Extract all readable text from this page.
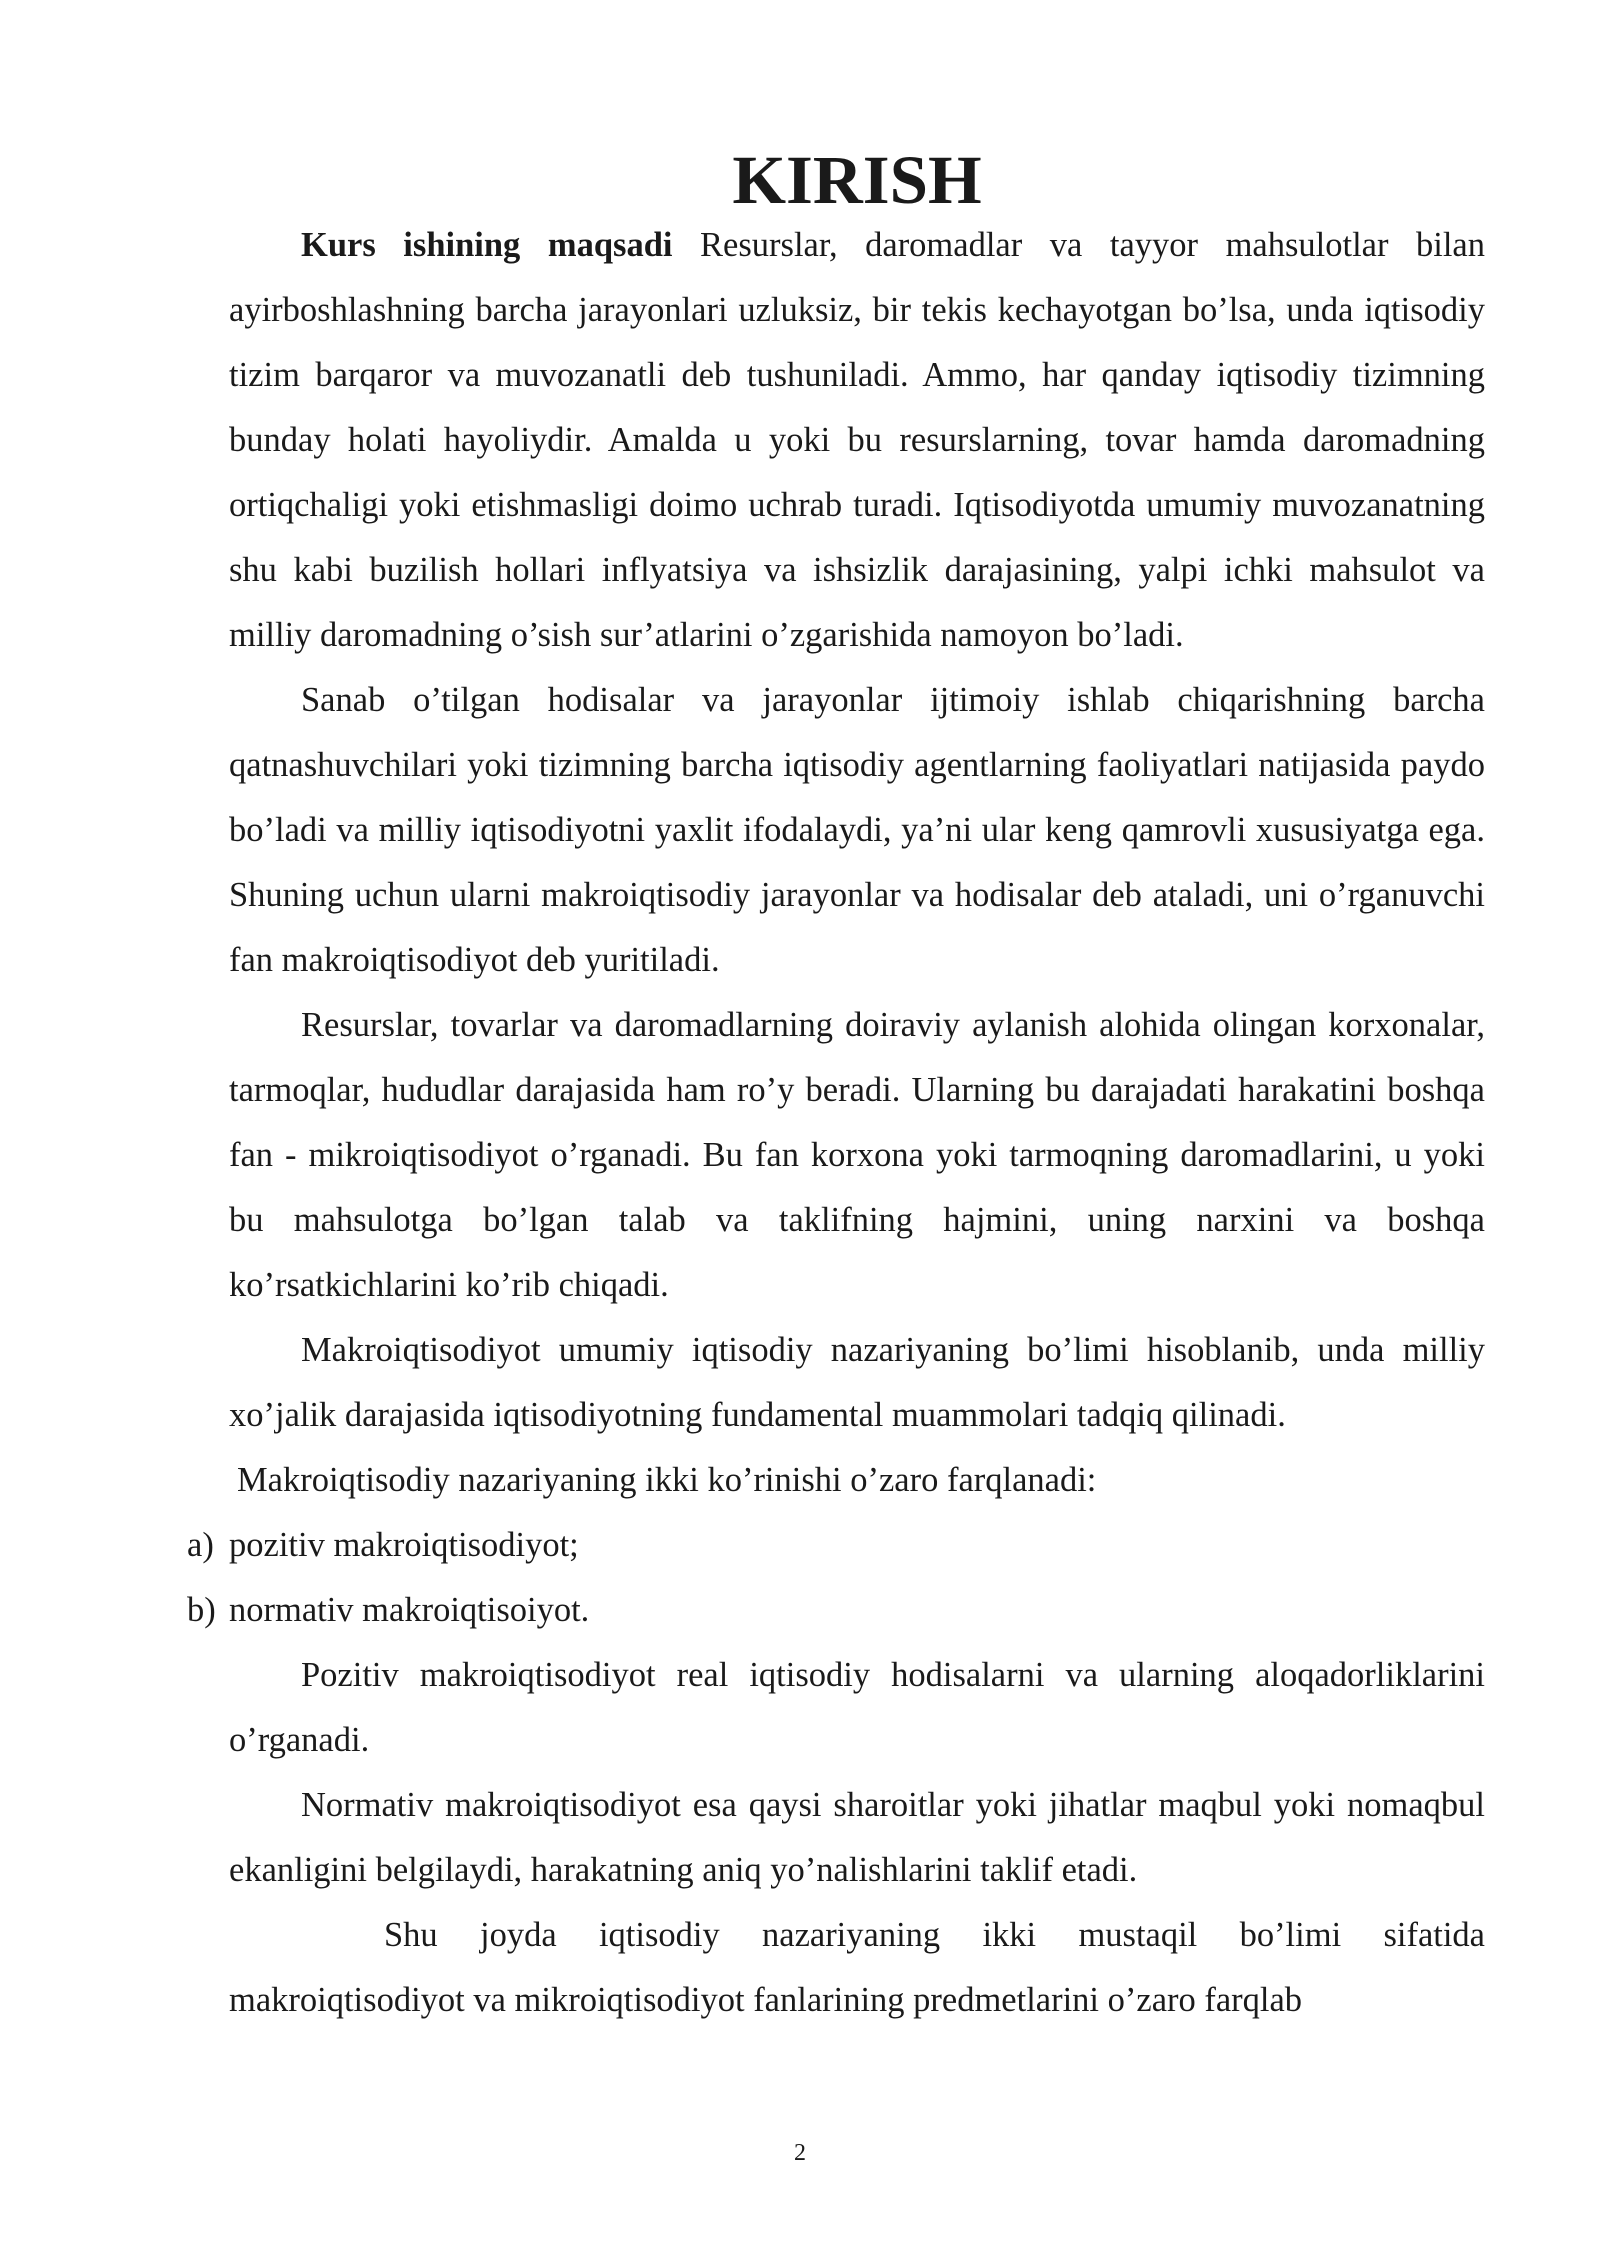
KIRISH

Kurs ishining maqsadi Resurslar, daromadlar va tayyor mahsulotlar bilan ayirboshlashning barcha jarayonlari uzluksiz, bir tekis kechayotgan bo’lsa, unda iqtisodiy tizim barqaror va muvozanatli deb tushuniladi. Ammo, har qanday iqtisodiy tizimning bunday holati hayoliydir. Amalda u yoki bu resurslarning, tovar hamda daromadning ortiqchaligi yoki etishmasligi doimo uchrab turadi. Iqtisodiyotda umumiy muvozanatning shu kabi buzilish hollari inflyatsiya va ishsizlik darajasining, yalpi ichki mahsulot va milliy daromadning o’sish sur’atlarini o’zgarishida namoyon bo’ladi.

Sanab o’tilgan hodisalar va jarayonlar ijtimoiy ishlab chiqarishning barcha qatnashuvchilari yoki tizimning barcha iqtisodiy agentlarning faoliyatlari natijasida paydo bo’ladi va milliy iqtisodiyotni yaxlit ifodalaydi, ya’ni ular keng qamrovli xususiyatga ega. Shuning uchun ularni makroiqtisodiy jarayonlar va hodisalar deb ataladi, uni o’rganuvchi fan makroiqtisodiyot deb yuritiladi.

Resurslar, tovarlar va daromadlarning doiraviy aylanish alohida olingan korxonalar, tarmoqlar, hududlar darajasida ham ro’y beradi. Ularning bu darajadati harakatini boshqa fan - mikroiqtisodiyot o’rganadi. Bu fan korxona yoki tarmoqning daromadlarini, u yoki bu mahsulotga bo’lgan talab va taklifning hajmini, uning narxini va boshqa ko’rsatkichlarini ko’rib chiqadi.

Makroiqtisodiyot umumiy iqtisodiy nazariyaning bo’limi hisoblanib, unda milliy xo’jalik darajasida iqtisodiyotning fundamental muammolari tadqiq qilinadi.

Makroiqtisodiy nazariyaning ikki ko’rinishi o’zaro farqlanadi:

a) pozitiv makroiqtisodiyot;
b) normativ makroiqtisoiyot.

Pozitiv makroiqtisodiyot real iqtisodiy hodisalarni va ularning aloqadorliklarini o’rganadi.

Normativ makroiqtisodiyot esa qaysi sharoitlar yoki jihatlar maqbul yoki nomaqbul ekanligini belgilaydi, harakatning aniq yo’nalishlarini taklif etadi.

Shu joyda iqtisodiy nazariyaning ikki mustaqil bo’limi sifatida makroiqtisodiyot va mikroiqtisodiyot fanlarining predmetlarini o’zaro farqlab

2
